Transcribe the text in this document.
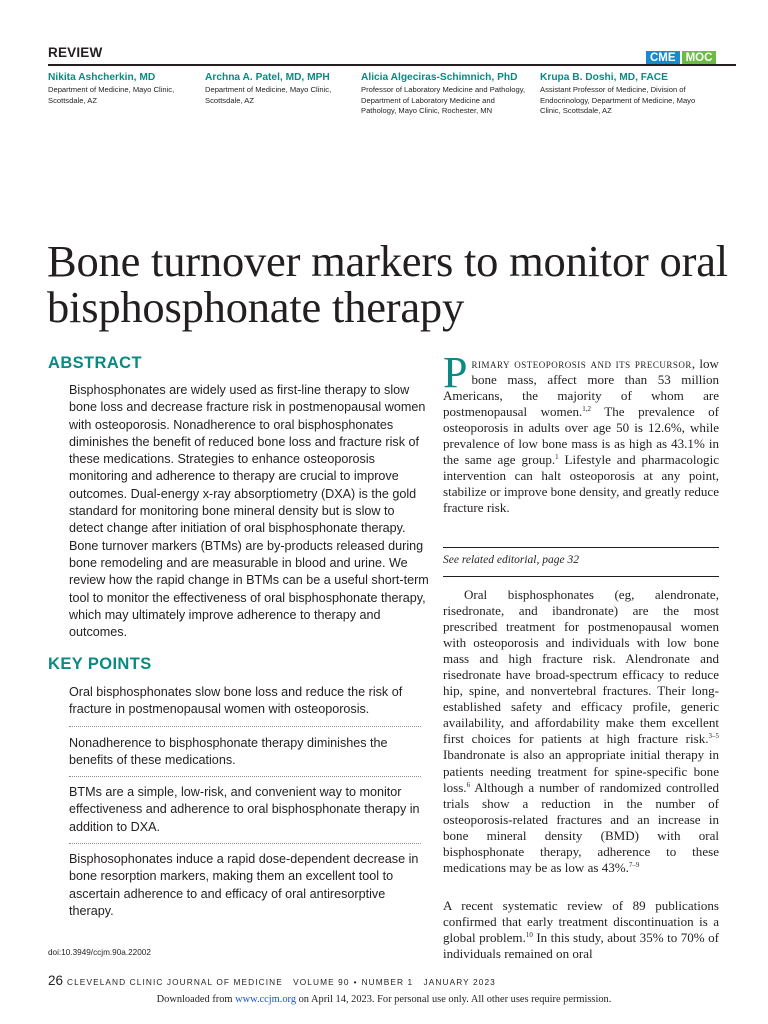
REVIEW	CME MOC
Nikita Ashcherkin, MD
Department of Medicine, Mayo Clinic, Scottsdale, AZ
Archna A. Patel, MD, MPH
Department of Medicine, Mayo Clinic, Scottsdale, AZ
Alicia Algeciras-Schimnich, PhD
Professor of Laboratory Medicine and Pathology, Department of Laboratory Medicine and Pathology, Mayo Clinic, Rochester, MN
Krupa B. Doshi, MD, FACE
Assistant Professor of Medicine, Division of Endocrinology, Department of Medicine, Mayo Clinic, Scottsdale, AZ
Bone turnover markers to monitor oral bisphosphonate therapy
ABSTRACT
Bisphosphonates are widely used as first-line therapy to slow bone loss and decrease fracture risk in postmenopausal women with osteoporosis. Nonadherence to oral bisphosphonates diminishes the benefit of reduced bone loss and fracture risk of these medications. Strategies to enhance osteoporosis monitoring and adherence to therapy are crucial to improve outcomes. Dual-energy x-ray absorptiometry (DXA) is the gold standard for monitoring bone mineral density but is slow to detect change after initiation of oral bisphosphonate therapy. Bone turnover markers (BTMs) are by-products released during bone remodeling and are measurable in blood and urine. We review how the rapid change in BTMs can be a useful short-term tool to monitor the effectiveness of oral bisphosphonate therapy, which may ultimately improve adherence to therapy and outcomes.
KEY POINTS
Oral bisphosphonates slow bone loss and reduce the risk of fracture in postmenopausal women with osteoporosis.
Nonadherence to bisphosphonate therapy diminishes the benefits of these medications.
BTMs are a simple, low-risk, and convenient way to monitor effectiveness and adherence to oral bisphosphonate therapy in addition to DXA.
Bisphosophonates induce a rapid dose-dependent decrease in bone resorption markers, making them an excellent tool to ascertain adherence to and efficacy of oral antiresorptive therapy.
doi:10.3949/ccjm.90a.22002
Primary osteoporosis and its precursor, low bone mass, affect more than 53 million Americans, the majority of whom are postmenopausal women.$^{1,2}$ The prevalence of osteoporosis in adults over age 50 is 12.6%, while prevalence of low bone mass is as high as 43.1% in the same age group.$^1$ Lifestyle and pharmacologic intervention can halt osteoporosis at any point, stabilize or improve bone density, and greatly reduce fracture risk.
See related editorial, page 32
Oral bisphosphonates (eg, alendronate, risedronate, and ibandronate) are the most prescribed treatment for postmenopausal women with osteoporosis and individuals with low bone mass and high fracture risk. Alendronate and risedronate have broad-spectrum efficacy to reduce hip, spine, and nonvertebral fractures. Their long-established safety and efficacy profile, generic availability, and affordability make them excellent first choices for patients at high fracture risk.$^{3-5}$ Ibandronate is also an appropriate initial therapy in patients needing treatment for spine-specific bone loss.$^6$ Although a number of randomized controlled trials show a reduction in the number of osteoporosis-related fractures and an increase in bone mineral density (BMD) with oral bisphosphonate therapy, adherence to these medications may be as low as 43%.$^{7-9}$
A recent systematic review of 89 publications confirmed that early treatment discontinuation is a global problem.$^{10}$ In this study, about 35% to 70% of individuals remained on oral
26 CLEVELAND CLINIC JOURNAL OF MEDICINE VOLUME 90 • NUMBER 1 JANUARY 2023
Downloaded from www.ccjm.org on April 14, 2023. For personal use only. All other uses require permission.
